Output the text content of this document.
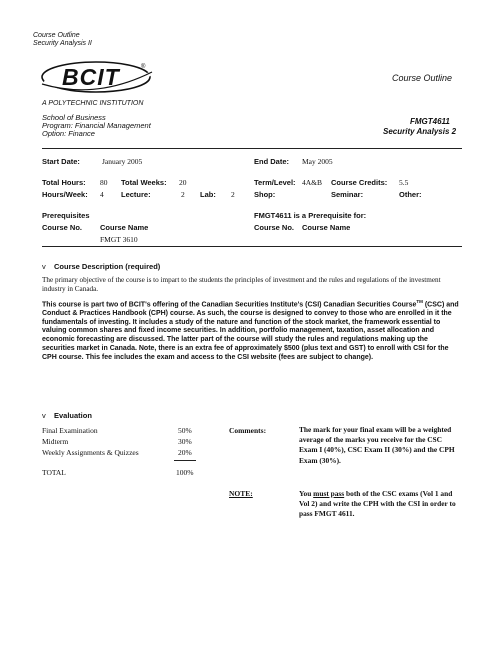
Course Outline
Security Analysis II
BCIT	®
A POLYTECHNIC INSTITUTION
Course Outline
School of Business
Program: Financial Management
Option: Finance
FMGT4611
Security Analysis 2
Start Date:	January 2005	End Date: May 2005
Total Hours: 80 Total Weeks: 20	Term/Level: 4A&B Course Credits: 5.5
Hours/Week: 4 Lecture:	2 Lab: 2	Shop:	Seminar:	Other:
Prerequisites
Course No. Course Name
FMGT 3610
FMGT4611 is a Prerequisite for:
Course No. Course Name
v Course Description (required)
The primary objective of the course is to impart to the students the principles of investment and the rules and regulations of the investment industry in Canada.
This course is part two of BCIT's offering of the Canadian Securities Institute's (CSI) Canadian Securities Course™ (CSC) and Conduct & Practices Handbook (CPH) course. As such, the course is designed to convey to those who are enrolled in it the fundamentals of investing. It includes a study of the nature and function of the stock market, the framework essential to valuing common shares and fixed income securities. In addition, portfolio management, taxation, asset allocation and economic forecasting are discussed. The latter part of the course will study the rules and regulations making up the securities market in Canada. Note, there is an extra fee of approximately $500 (plus text and GST) to enroll with CSI for the CPH course. This fee includes the exam and access to the CSI website (fees are subject to change).
v Evaluation
Final Examination	50%
Midterm	30%
Weekly Assignments & Quizzes	20%
TOTAL	100%
Comments:	The mark for your final exam will be a weighted average of the marks you receive for the CSC Exam I (40%), CSC Exam II (30%) and the CPH Exam (30%).
NOTE:	You must pass both of the CSC exams (Vol 1 and Vol 2) and write the CPH with the CSI in order to pass FMGT 4611.
